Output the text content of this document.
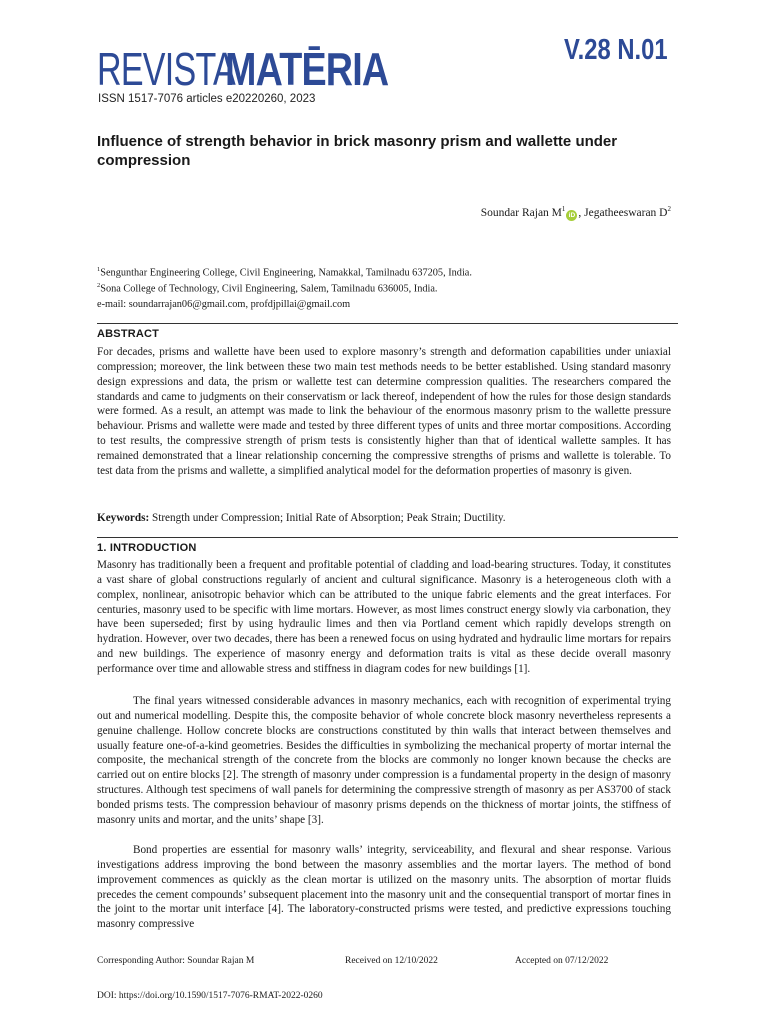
REVISTA
MATĒRIA	V.28 N.01
ISSN 1517-7076 articles e20220260, 2023
Influence of strength behavior in brick masonry prism and wallette under compression
Soundar Rajan $M^1iD$ , Jegatheeswaran $D^2$
$^1$Sengunthar Engineering College, Civil Engineering, Namakkal, Tamilnadu 637205, India.
$^2$Sona College of Technology, Civil Engineering, Salem, Tamilnadu 636005, India.
e-mail: soundarrajan06@gmail.com, profdjpillai@gmail.com
ABSTRACT
For decades, prisms and wallette have been used to explore masonry’s strength and deformation capabilities under uniaxial compression; moreover, the link between these two main test methods needs to be better established. Using standard masonry design expressions and data, the prism or wallette test can determine compression qualities. The researchers compared the standards and came to judgments on their conservatism or lack thereof, independent of how the rules for those design standards were formed. As a result, an attempt was made to link the behaviour of the enormous masonry prism to the wallette pressure behaviour. Prisms and wallette were made and tested by three different types of units and three mortar compositions. According to test results, the compressive strength of prism tests is consistently higher than that of identical wallette samples. It has remained demonstrated that a linear relationship concerning the compressive strengths of prisms and wallette is tolerable. To test data from the prisms and wallette, a simplified analytical model for the deformation properties of masonry is given.
Keywords: Strength under Compression; Initial Rate of Absorption; Peak Strain; Ductility.
1. INTRODUCTION
Masonry has traditionally been a frequent and profitable potential of cladding and load-bearing structures. Today, it constitutes a vast share of global constructions regularly of ancient and cultural significance. Masonry is a heterogeneous cloth with a complex, nonlinear, anisotropic behavior which can be attributed to the unique fabric elements and the great interfaces. For centuries, masonry used to be specific with lime mortars. However, as most limes construct energy slowly via carbonation, they have been superseded; first by using hydraulic limes and then via Portland cement which rapidly develops strength on hydration. However, over two decades, there has been a renewed focus on using hydrated and hydraulic lime mortars for repairs and new buildings. The experience of masonry energy and deformation traits is vital as these decide overall masonry performance over time and allowable stress and stiffness in diagram codes for new buildings [1].
The final years witnessed considerable advances in masonry mechanics, each with recognition of experimental trying out and numerical modelling. Despite this, the composite behavior of whole concrete block masonry nevertheless represents a genuine challenge. Hollow concrete blocks are constructions constituted by thin walls that interact between themselves and usually feature one-of-a-kind geometries. Besides the difficulties in symbolizing the mechanical property of mortar internal the composite, the mechanical strength of the concrete from the blocks are commonly no longer known because the checks are carried out on entire blocks [2]. The strength of masonry under compression is a fundamental property in the design of masonry structures. Although test specimens of wall panels for determining the compressive strength of masonry as per AS3700 of stack bonded prisms tests. The compression behaviour of masonry prisms depends on the thickness of mortar joints, the stiffness of masonry units and mortar, and the units’ shape [3].
Bond properties are essential for masonry walls’ integrity, serviceability, and flexural and shear response. Various investigations address improving the bond between the masonry assemblies and the mortar layers. The method of bond improvement commences as quickly as the clean mortar is utilized on the masonry units. The absorption of mortar fluids precedes the cement compounds’ subsequent placement into the masonry unit and the consequential transport of mortar fines in the joint to the mortar unit interface [4]. The laboratory-constructed prisms were tested, and predictive expressions touching masonry compressive
Corresponding Author: Soundar Rajan M	Received on 12/10/2022	Accepted on 07/12/2022
DOI: https://doi.org/10.1590/1517-7076-RMAT-2022-0260
